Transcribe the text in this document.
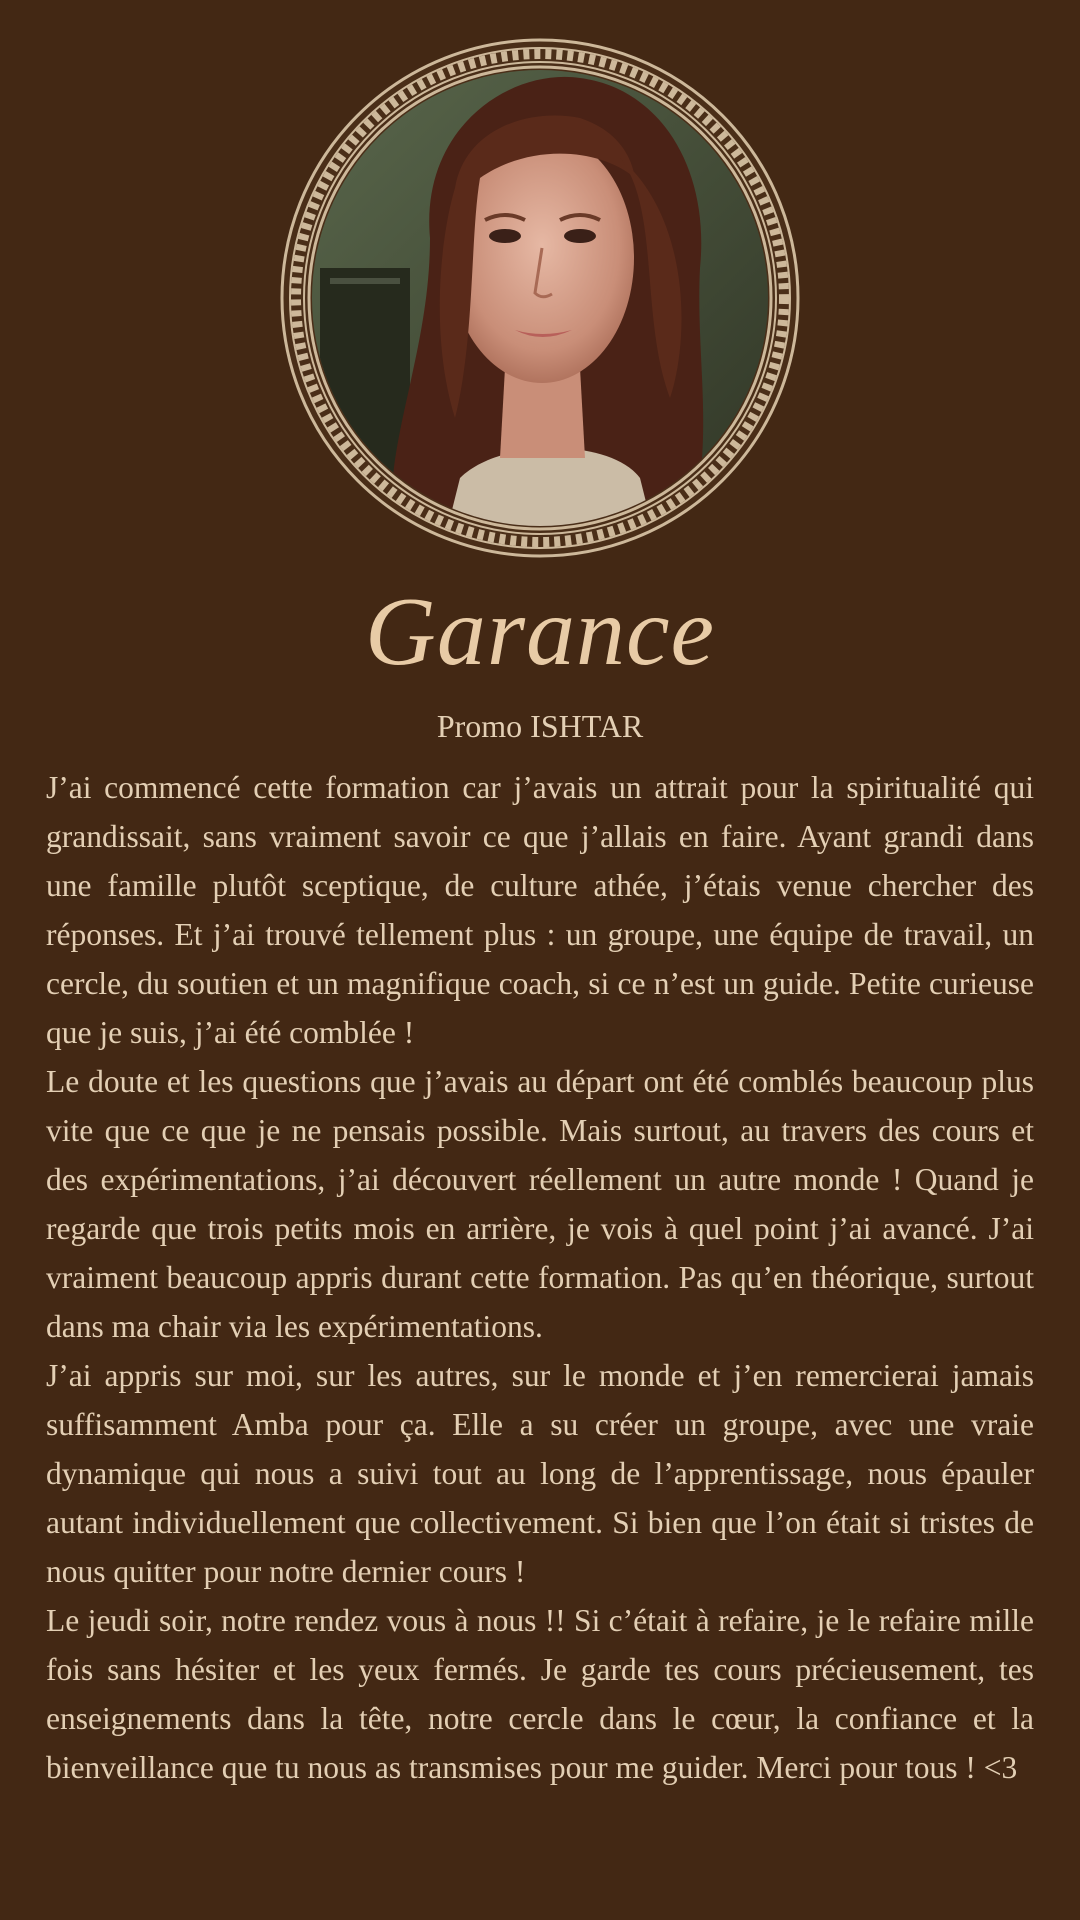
Garance
Promo ISHTAR

J’ai commencé cette formation car j’avais un attrait pour la spiritualité qui grandissait, sans vraiment savoir ce que j’allais en faire. Ayant grandi dans une famille plutôt sceptique, de culture athée, j’étais venue chercher des réponses. Et j’ai trouvé tellement plus : un groupe, une équipe de travail, un cercle, du soutien et un magnifique coach, si ce n’est un guide. Petite curieuse que je suis, j’ai été comblée !

Le doute et les questions que j’avais au départ ont été comblés beaucoup plus vite que ce que je ne pensais possible. Mais surtout, au travers des cours et des expérimentations, j’ai découvert réellement un autre monde ! Quand je regarde que trois petits mois en arrière, je vois à quel point j’ai avancé. J’ai vraiment beaucoup appris durant cette formation. Pas qu’en théorique, surtout dans ma chair via les expérimentations.

J’ai appris sur moi, sur les autres, sur le monde et j’en remercierai jamais suffisamment Amba pour ça. Elle a su créer un groupe, avec une vraie dynamique qui nous a suivi tout au long de l’apprentissage, nous épauler autant individuellement que collectivement. Si bien que l’on était si tristes de nous quitter pour notre dernier cours !

Le jeudi soir, notre rendez vous à nous !! Si c’était à refaire, je le refaire mille fois sans hésiter et les yeux fermés. Je garde tes cours précieusement, tes enseignements dans la tête, notre cercle dans le cœur, la confiance et la bienveillance que tu nous as transmises pour me guider. Merci pour tous ! <3
